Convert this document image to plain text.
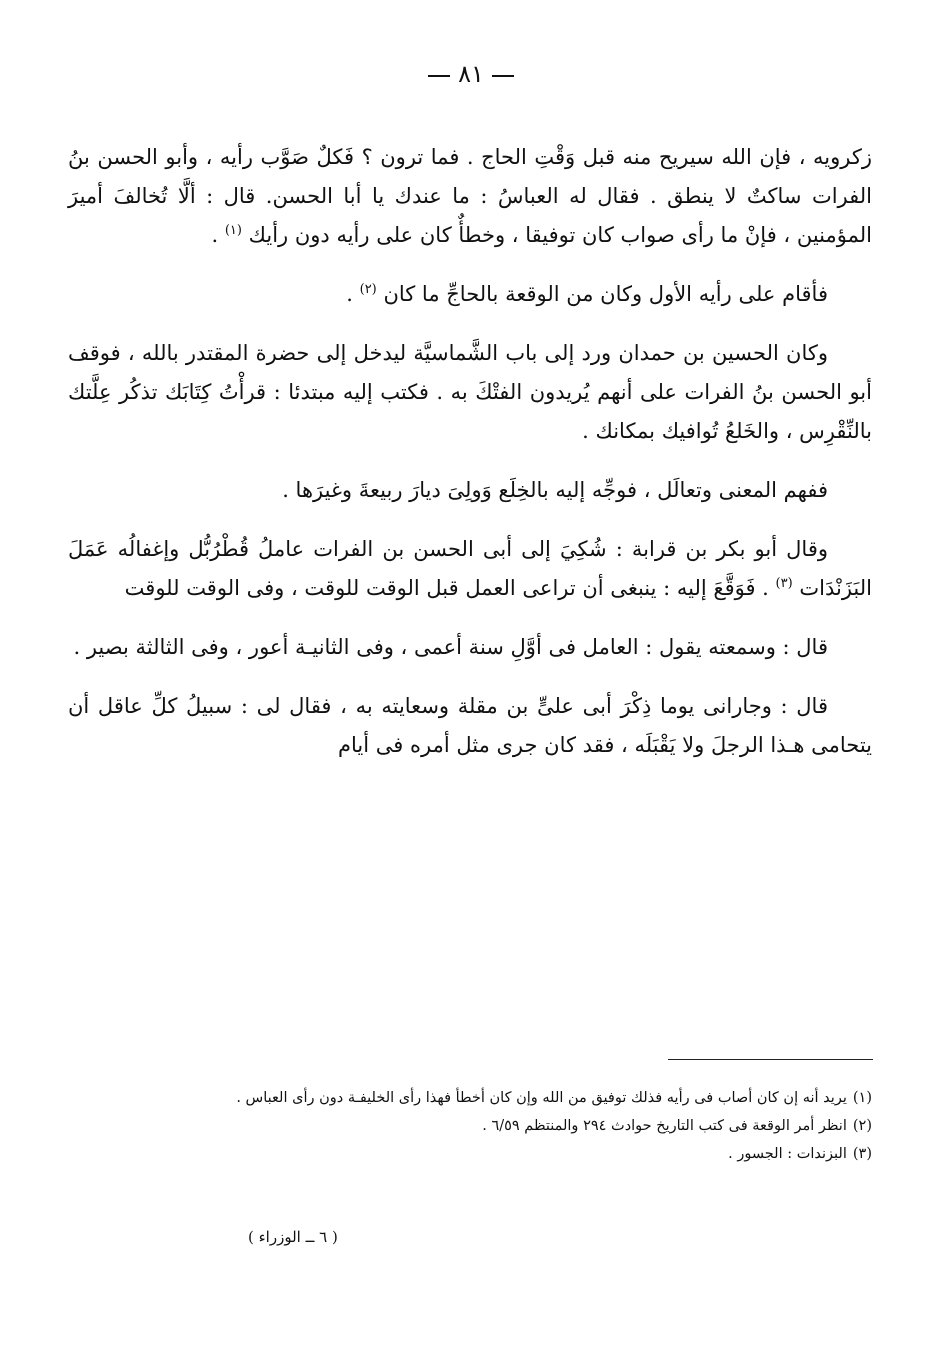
٨١

زكرويه ، فإن الله سيريح منه قبل وَقْتِ الحاج . فما ترون ؟ فَكلٌ صَوَّب رأيه ، وأبو الحسن بنُ الفرات ساكتٌ لا ينطق . فقال له العباسُ : ما عندك يا أبا الحسن. قال : ألَّا تُخالفَ أميرَ المؤمنين ، فإنْ ما رأى صواب كان توفيقا ، وخطأٌ كان على رأيه دون رأيك $^{(١)}$ .

فأقام على رأيه الأول وكان من الوقعة بالحاجِّ ما كان $^{(٢)}$ .

وكان الحسين بن حمدان ورد إلى باب الشَّماسيَّة ليدخل إلى حضرة المقتدر بالله ، فوقف أبو الحسن بنُ الفرات على أنهم يُريدون الفتْكَ به . فكتب إليه مبتدئا : قرأْتُ كِتَابَك تذكُر عِلَّتك بالنِّقْرِس ، والخَلعُ تُوافيك بمكانك .

ففهم المعنى وتعالَل ، فوجِّه إليه بالخِلَع وَولِىَ ديارَ ربيعةَ وغيرَها .

وقال أبو بكر بن قرابة : شُكِيَ إلى أبى الحسن بن الفرات عاملُ قُطْرُبُّل وإغفالُه عَمَلَ البَزَنْدَات $^{(٣)}$ . فَوَقَّعَ إليه : ينبغى أن تراعى العمل قبل الوقت للوقت ، وفى الوقت للوقت

قال : وسمعته يقول : العامل فى أوَّلِ سنة أعمى ، وفى الثانيـة أعور ، وفى الثالثة بصير .

قال : وجارانى يوما ذِكْرَ أبى علىٍّ بن مقلة وسعايته به ، فقال لى : سبيلُ كلِّ عاقل أن يتحامى هـذا الرجلَ ولا يَقْبَلَه ، فقد كان جرى مثل أمره فى أيام

(١)يريد أنه إن كان أصاب فى رأيه فذلك توفيق من الله وإن كان أخطأ فهذا رأى الخليفـة دون رأى العباس .

(٢)انظر أمر الوقعة فى كتب التاريخ حوادث ٢٩٤ والمنتظم ٦/٥٩ .

(٣)البزندات : الجسور .

( ٦ ــ الوزراء )
